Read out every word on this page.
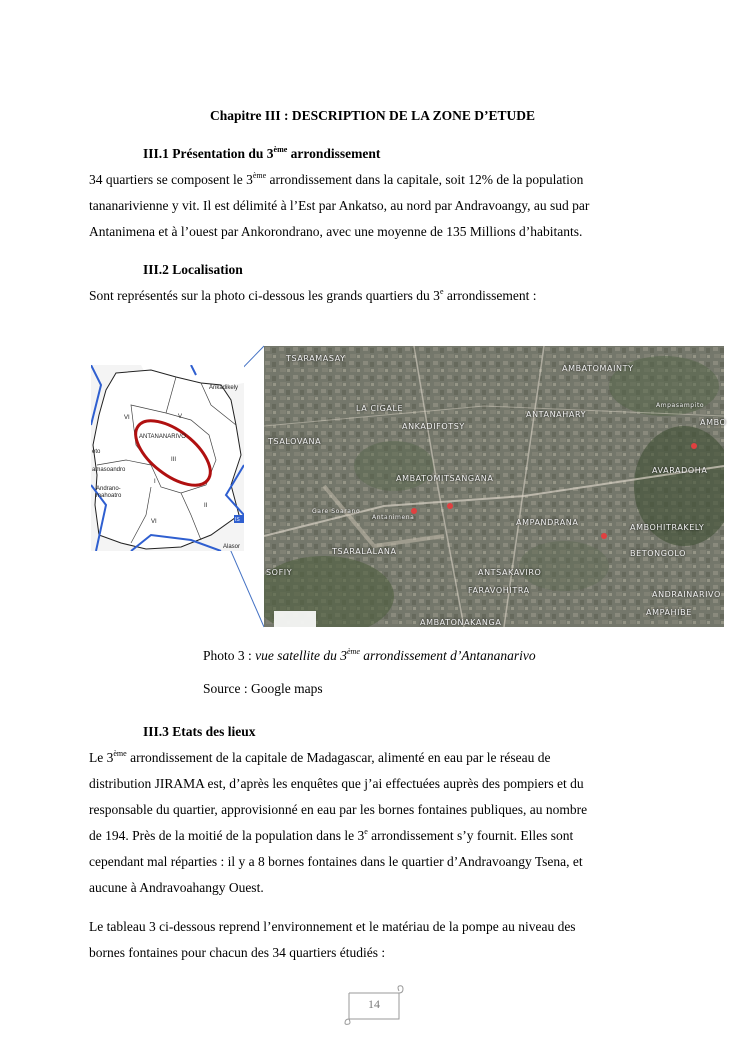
Chapitre III : DESCRIPTION DE LA ZONE D’ETUDE
III.1 Présentation du 3ème arrondissement
34 quartiers se composent le 3ème arrondissement dans la capitale, soit 12% de la population
tananarivienne y vit. Il est délimité à l’Est par Ankatso, au nord par Andravoangy, au sud par
Antanimena et à l’ouest par Ankorondrano, avec une moyenne de 135 Millions d’habitants.
III.2 Localisation
Sont représentés sur la photo ci-dessous les grands quartiers du 3e arrondissement :
VI	V
ANTANANARIVO
III
I
II
VI
eto
amasoandro
Andrano-
mahoatro
Ankadikely
Alasor
IS
TSARAMASAY
AMBATOMAINTY
LA CIGALE
ANKADIFOTSY
ANTANAHARY
AMBO
TSALOVANA
AMBATOMITSANGANA
AVARADOHA
Gare Soarano
Antanimena
AMPANDRANA
AMBOHITRAKELY
TSARALALANA	BETONGOLO
SOFIY	ANTSAKAVIRO
FARAVOHITRA	ANDRAINARIVO
AMPAHIBE
AMBATONAKANGA
Ampasampito
Photo 3 : vue satellite du 3ème arrondissement d’Antananarivo
Source : Google maps
III.3 Etats des lieux
Le 3ème arrondissement de la capitale de Madagascar, alimenté en eau par le réseau de
distribution JIRAMA est, d’après les enquêtes que j’ai effectuées auprès des pompiers et du
responsable du quartier, approvisionné en eau par les bornes fontaines publiques, au nombre
de 194. Près de la moitié de la population dans le 3e arrondissement s’y fournit. Elles sont
cependant mal réparties : il y a 8 bornes fontaines dans le quartier d’Andravoangy Tsena, et
aucune à Andravoahangy Ouest.
Le tableau 3 ci-dessous reprend l’environnement et le matériau de la pompe au niveau des
bornes fontaines pour chacun des 34 quartiers étudiés :
14
